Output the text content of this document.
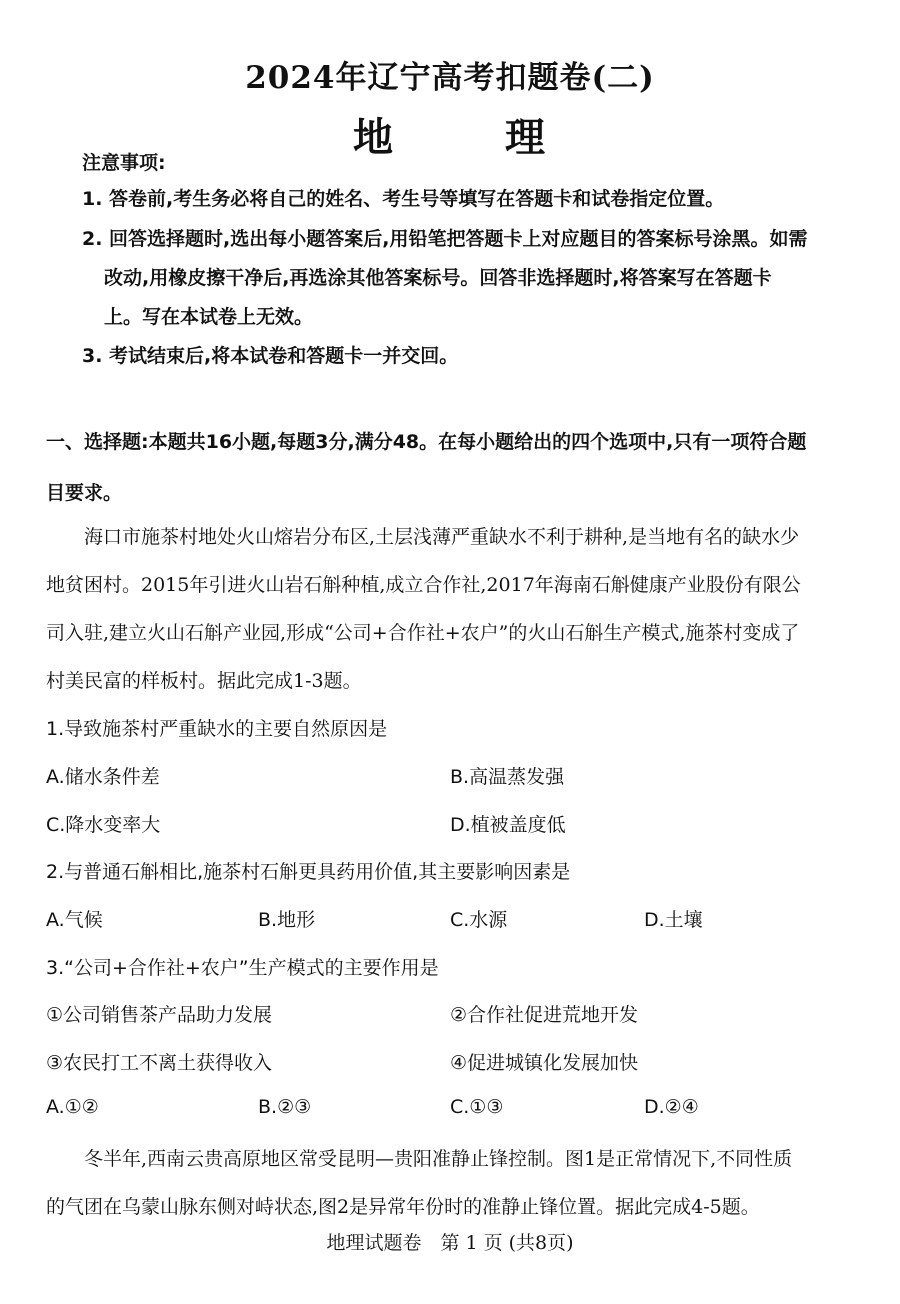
2024年辽宁高考扣题卷(二)
地	理
注意事项:
1. 答卷前,考生务必将自己的姓名、考生号等填写在答题卡和试卷指定位置。
2. 回答选择题时,选出每小题答案后,用铅笔把答题卡上对应题目的答案标号涂黑。如需
改动,用橡皮擦干净后,再选涂其他答案标号。回答非选择题时,将答案写在答题卡
上。写在本试卷上无效。
3. 考试结束后,将本试卷和答题卡一并交回。
一、选择题:本题共16小题,每题3分,满分48。在每小题给出的四个选项中,只有一项符合题
目要求。
海口市施茶村地处火山熔岩分布区,土层浅薄严重缺水不利于耕种,是当地有名的缺水少
地贫困村。2015年引进火山岩石斛种植,成立合作社,2017年海南石斛健康产业股份有限公
司入驻,建立火山石斛产业园,形成“公司+合作社+农户”的火山石斛生产模式,施茶村变成了
村美民富的样板村。据此完成1-3题。
1.导致施茶村严重缺水的主要自然原因是
A.储水条件差	B.高温蒸发强
C.降水变率大	D.植被盖度低
2.与普通石斛相比,施茶村石斛更具药用价值,其主要影响因素是
A.气候	B.地形	C.水源	D.土壤
3.“公司+合作社+农户”生产模式的主要作用是
①公司销售茶产品助力发展	②合作社促进荒地开发
③农民打工不离土获得收入	④促进城镇化发展加快
A.①②	B.②③	C.①③	D.②④
冬半年,西南云贵高原地区常受昆明—贵阳准静止锋控制。图1是正常情况下,不同性质
的气团在乌蒙山脉东侧对峙状态,图2是异常年份时的准静止锋位置。据此完成4-5题。
地理试题卷　第 1 页 (共8页)
